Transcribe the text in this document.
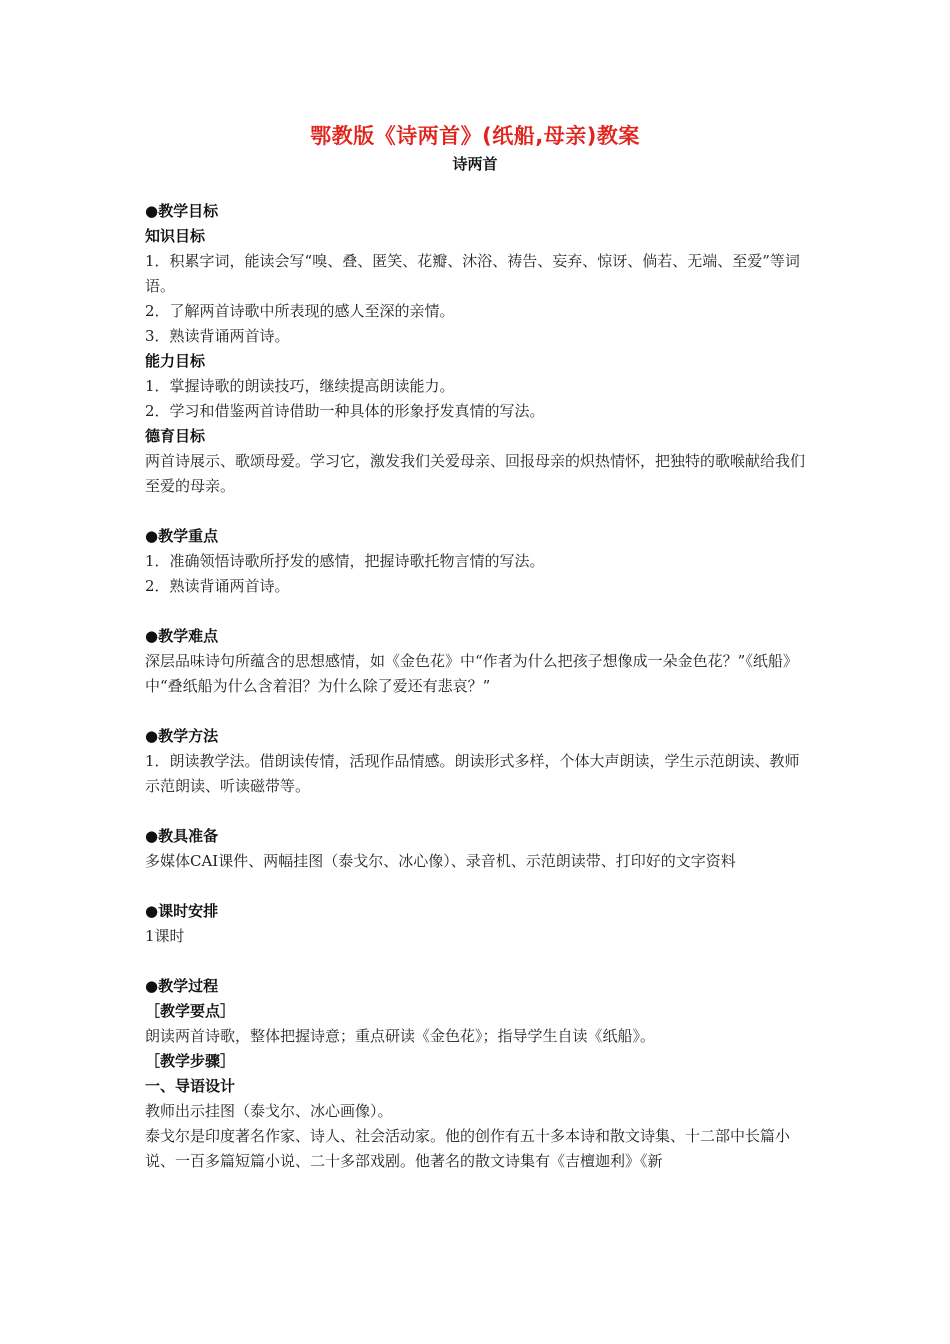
鄂教版《诗两首》(纸船,母亲)教案
诗两首

●教学目标

知识目标

1．积累字词，能读会写“嗅、叠、匿笑、花瓣、沐浴、祷告、妄弃、惊讶、倘若、无端、至爱”等词语。

2．了解两首诗歌中所表现的感人至深的亲情。

3．熟读背诵两首诗。

能力目标

1．掌握诗歌的朗读技巧，继续提高朗读能力。

2．学习和借鉴两首诗借助一种具体的形象抒发真情的写法。

德育目标

两首诗展示、歌颂母爱。学习它，激发我们关爱母亲、回报母亲的炽热情怀，把独特的歌喉献给我们至爱的母亲。

●教学重点

1．准确领悟诗歌所抒发的感情，把握诗歌托物言情的写法。

2．熟读背诵两首诗。

●教学难点

深层品味诗句所蕴含的思想感情，如《金色花》中“作者为什么把孩子想像成一朵金色花？”《纸船》中“叠纸船为什么含着泪？为什么除了爱还有悲哀？”

●教学方法

1．朗读教学法。借朗读传情，活现作品情感。朗读形式多样，个体大声朗读，学生示范朗读、教师示范朗读、听读磁带等。

●教具准备

多媒体CAI课件、两幅挂图（泰戈尔、冰心像）、录音机、示范朗读带、打印好的文字资料

●课时安排

1课时

●教学过程

［教学要点］

朗读两首诗歌，整体把握诗意；重点研读《金色花》；指导学生自读《纸船》。

［教学步骤］

一、导语设计

教师出示挂图（泰戈尔、冰心画像）。

泰戈尔是印度著名作家、诗人、社会活动家。他的创作有五十多本诗和散文诗集、十二部中长篇小说、一百多篇短篇小说、二十多部戏剧。他著名的散文诗集有《吉檀迦利》《新
